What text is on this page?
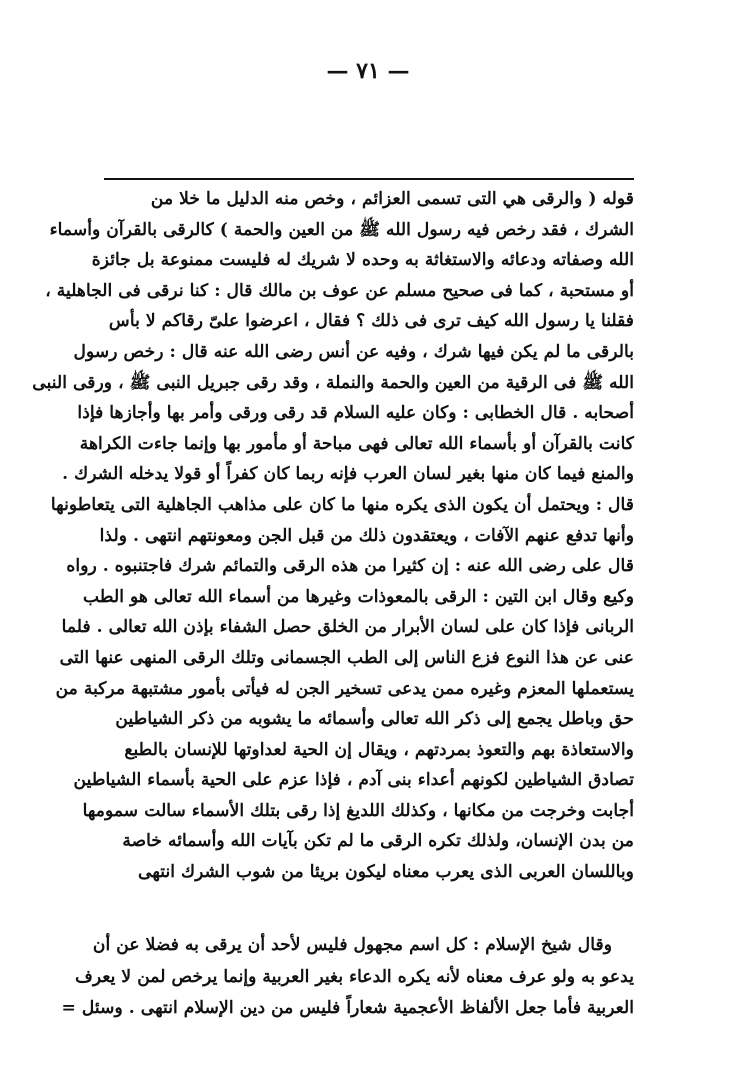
— ٧١ —
قوله ( والرقى هي التى تسمى العزائم ، وخص منه الدليل ما خلا من
الشرك ، فقد رخص فيه رسول الله ﷺ من العين والحمة ) كالرقى بالقرآن وأسماء
الله وصفاته ودعائه والاستغاثة به وحده لا شريك له فليست ممنوعة بل جائزة
أو مستحبة ، كما فى صحيح مسلم عن عوف بن مالك قال : كنا نرقى فى الجاهلية ،
فقلنا يا رسول الله كيف ترى فى ذلك ؟ فقال ، اعرضوا علىّ رقاكم لا بأس
بالرقى ما لم يكن فيها شرك ، وفيه عن أنس رضى الله عنه قال : رخص رسول
الله ﷺ فى الرقية من العين والحمة والنملة ، وقد رقى جبريل النبى ﷺ ، ورقى النبى
أصحابه . قال الخطابى : وكان عليه السلام قد رقى ورقى وأمر بها وأجازها فإذا
كانت بالقرآن أو بأسماء الله تعالى فهى مباحة أو مأمور بها وإنما جاءت الكراهة
والمنع فيما كان منها بغير لسان العرب فإنه ربما كان كفراً أو قولا يدخله الشرك .
قال : ويحتمل أن يكون الذى يكره منها ما كان على مذاهب الجاهلية التى يتعاطونها
وأنها تدفع عنهم الآفات ، ويعتقدون ذلك من قبل الجن ومعونتهم انتهى . ولذا
قال على رضى الله عنه : إن كثيرا من هذه الرقى والتمائم شرك فاجتنبوه . رواه
وكيع وقال ابن التين : الرقى بالمعوذات وغيرها من أسماء الله تعالى هو الطب
الربانى فإذا كان على لسان الأبرار من الخلق حصل الشفاء بإذن الله تعالى . فلما
عنى عن هذا النوع فزع الناس إلى الطب الجسمانى وتلك الرقى المنهى عنها التى
يستعملها المعزم وغيره ممن يدعى تسخير الجن له فيأتى بأمور مشتبهة مركبة من
حق وباطل يجمع إلى ذكر الله تعالى وأسمائه ما يشوبه من ذكر الشياطين
والاستعاذة بهم والتعوذ بمردتهم ، ويقال إن الحية لعداوتها للإنسان بالطبع
تصادق الشياطين لكونهم أعداء بنى آدم ، فإذا عزم على الحية بأسماء الشياطين
أجابت وخرجت من مكانها ، وكذلك اللديغ إذا رقى بتلك الأسماء سالت سمومها
من بدن الإنسان، ولذلك تكره الرقى ما لم تكن بآيات الله وأسمائه خاصة
وباللسان العربى الذى يعرب معناه ليكون بريئا من شوب الشرك انتهى
وقال شيخ الإسلام : كل اسم مجهول فليس لأحد أن يرقى به فضلا عن أن
يدعو به ولو عرف معناه لأنه يكره الدعاء بغير العربية وإنما يرخص لمن لا يعرف
العربية فأما جعل الألفاظ الأعجمية شعاراً فليس من دين الإسلام انتهى . وسئل =
